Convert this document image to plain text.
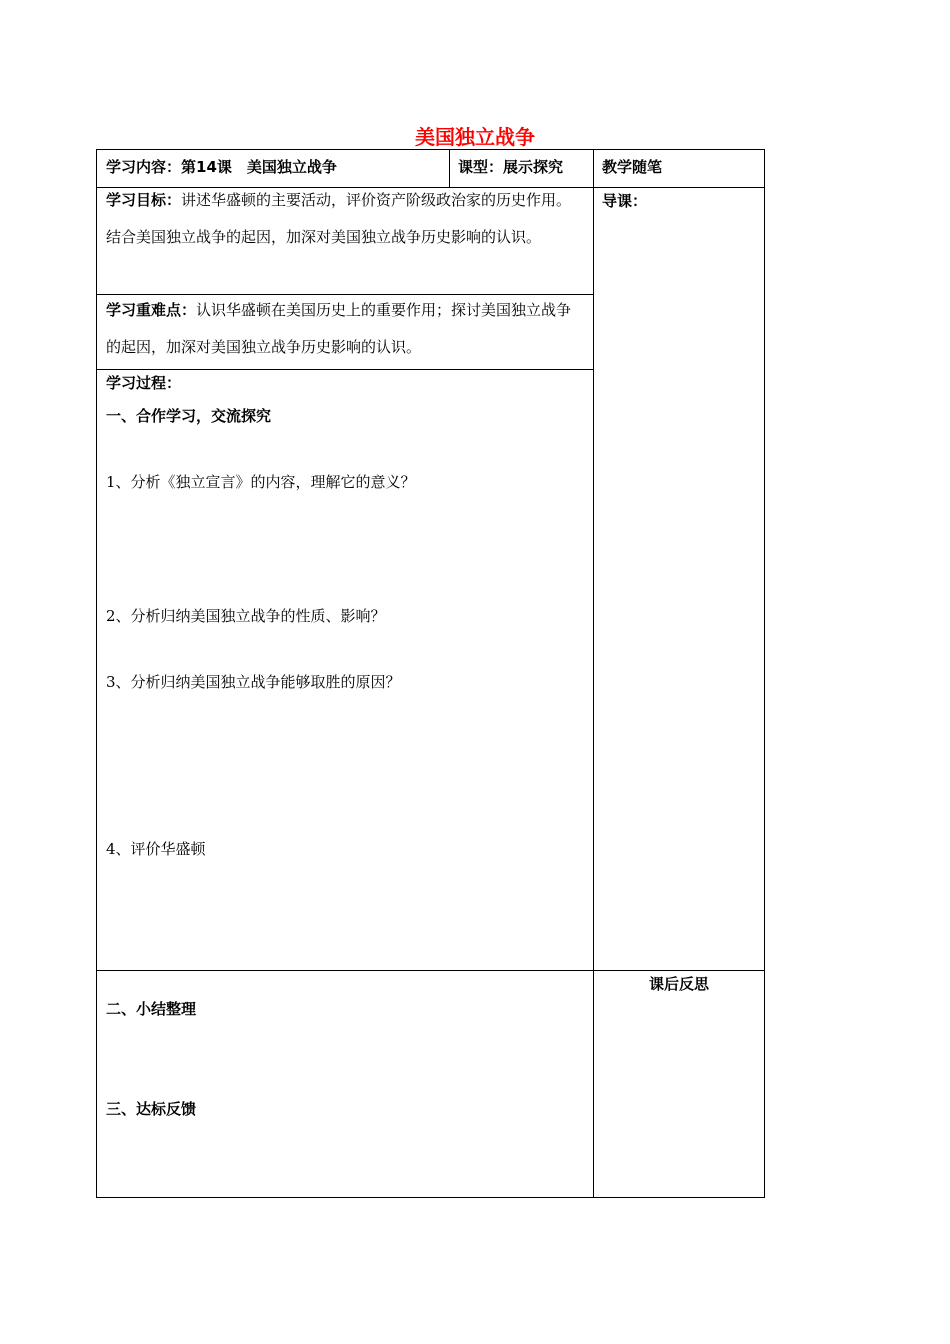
美国独立战争
学习内容：第14课　美国独立战争	课型：展示探究	教学随笔
学习目标：讲述华盛顿的主要活动，评价资产阶级政治家的历史作用。结合美国独立战争的起因，加深对美国独立战争历史影响的认识。
导课：
学习重难点：认识华盛顿在美国历史上的重要作用；探讨美国独立战争的起因，加深对美国独立战争历史影响的认识。
学习过程：
一、合作学习，交流探究
1、分析《独立宣言》的内容，理解它的意义？
2、分析归纳美国独立战争的性质、影响？
3、分析归纳美国独立战争能够取胜的原因？
4、评价华盛顿
课后反思
二、小结整理
三、达标反馈
